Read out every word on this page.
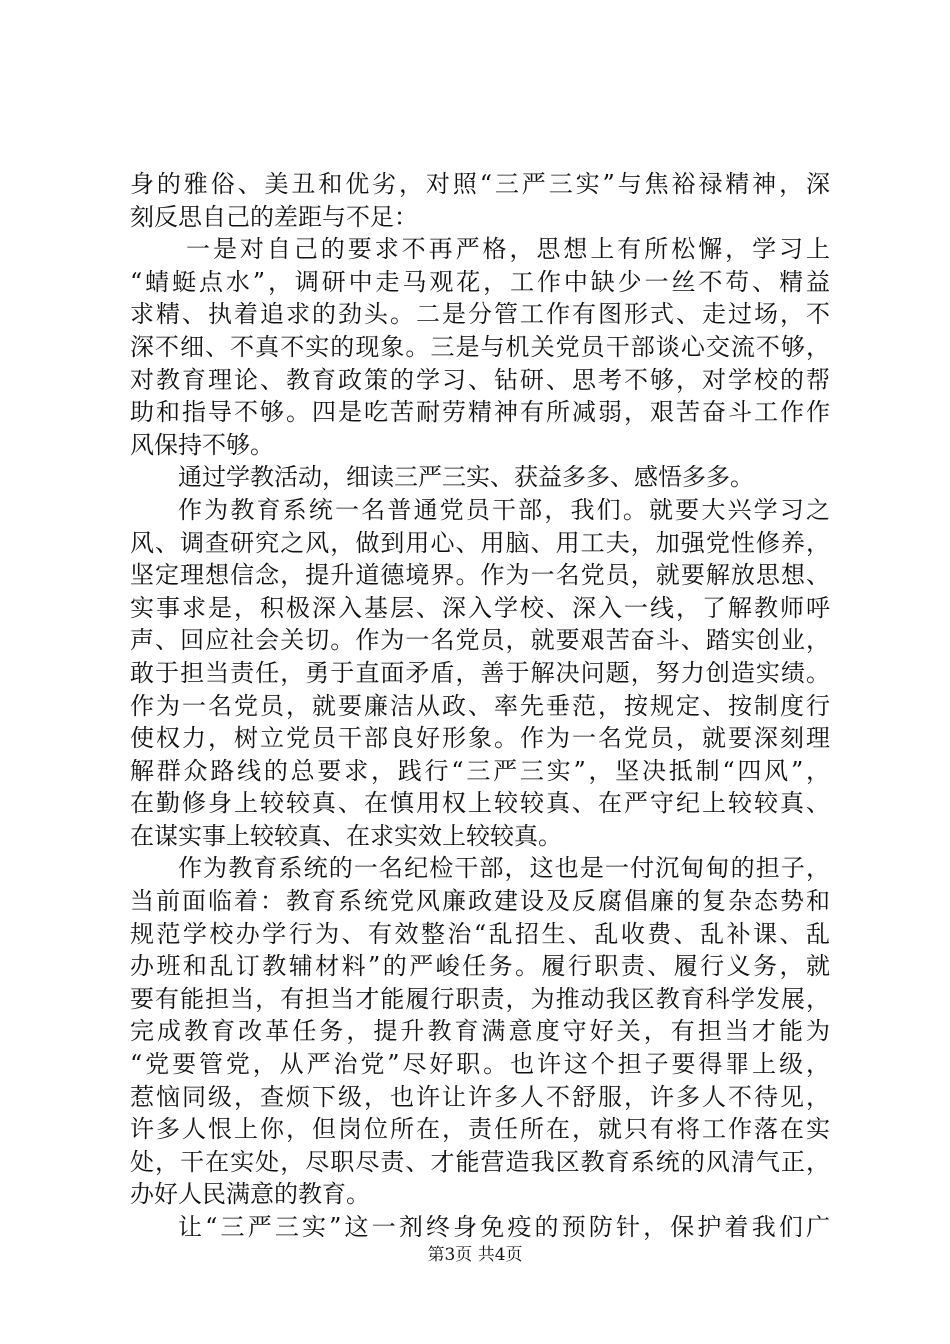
身的雅俗、美丑和优劣，对照“三严三实”与焦裕禄精神，深
刻反思自己的差距与不足：
一是对自己的要求不再严格，思想上有所松懈，学习上
“蜻蜓点水”，调研中走马观花，工作中缺少一丝不苟、精益
求精、执着追求的劲头。二是分管工作有图形式、走过场，不
深不细、不真不实的现象。三是与机关党员干部谈心交流不够，
对教育理论、教育政策的学习、钻研、思考不够，对学校的帮
助和指导不够。四是吃苦耐劳精神有所减弱，艰苦奋斗工作作
风保持不够。
通过学教活动，细读三严三实、获益多多、感悟多多。
作为教育系统一名普通党员干部，我们。就要大兴学习之
风、调查研究之风，做到用心、用脑、用工夫，加强党性修养，
坚定理想信念，提升道德境界。作为一名党员，就要解放思想、
实事求是，积极深入基层、深入学校、深入一线，了解教师呼
声、回应社会关切。作为一名党员，就要艰苦奋斗、踏实创业，
敢于担当责任，勇于直面矛盾，善于解决问题，努力创造实绩。
作为一名党员，就要廉洁从政、率先垂范，按规定、按制度行
使权力，树立党员干部良好形象。作为一名党员，就要深刻理
解群众路线的总要求，践行“三严三实”，坚决抵制“四风”，
在勤修身上较较真、在慎用权上较较真、在严守纪上较较真、
在谋实事上较较真、在求实效上较较真。
作为教育系统的一名纪检干部，这也是一付沉甸甸的担子，
当前面临着：教育系统党风廉政建设及反腐倡廉的复杂态势和
规范学校办学行为、有效整治“乱招生、乱收费、乱补课、乱
办班和乱订教辅材料”的严峻任务。履行职责、履行义务，就
要有能担当，有担当才能履行职责，为推动我区教育科学发展，
完成教育改革任务，提升教育满意度守好关，有担当才能为
“党要管党，从严治党”尽好职。也许这个担子要得罪上级，
惹恼同级，查烦下级，也许让许多人不舒服，许多人不待见，
许多人恨上你，但岗位所在，责任所在，就只有将工作落在实
处，干在实处，尽职尽责、才能营造我区教育系统的风清气正，
办好人民满意的教育。
让“三严三实”这一剂终身免疫的预防针，保护着我们广
第3页 共4页
